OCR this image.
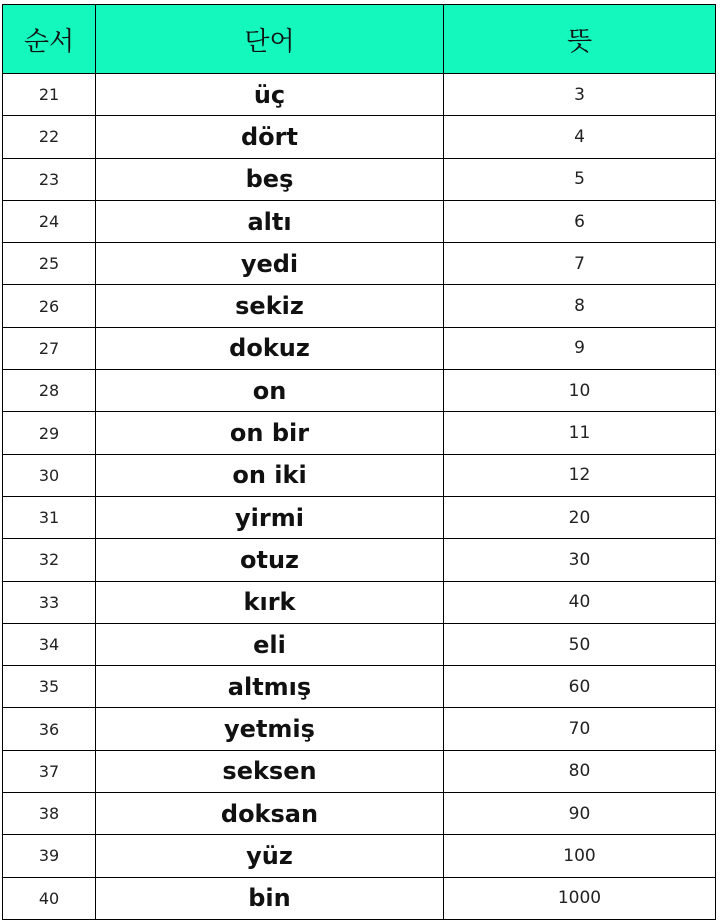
순서	단어	뜻
21	üç	3
22	dört	4
23	beş	5
24	altı	6
25	yedi	7
26	sekiz	8
27	dokuz	9
28	on	10
29	on bir	11
30	on iki	12
31	yirmi	20
32	otuz	30
33	kırk	40
34	eli	50
35	altmış	60
36	yetmiş	70
37	seksen	80
38	doksan	90
39	yüz	100
40	bin	1000
